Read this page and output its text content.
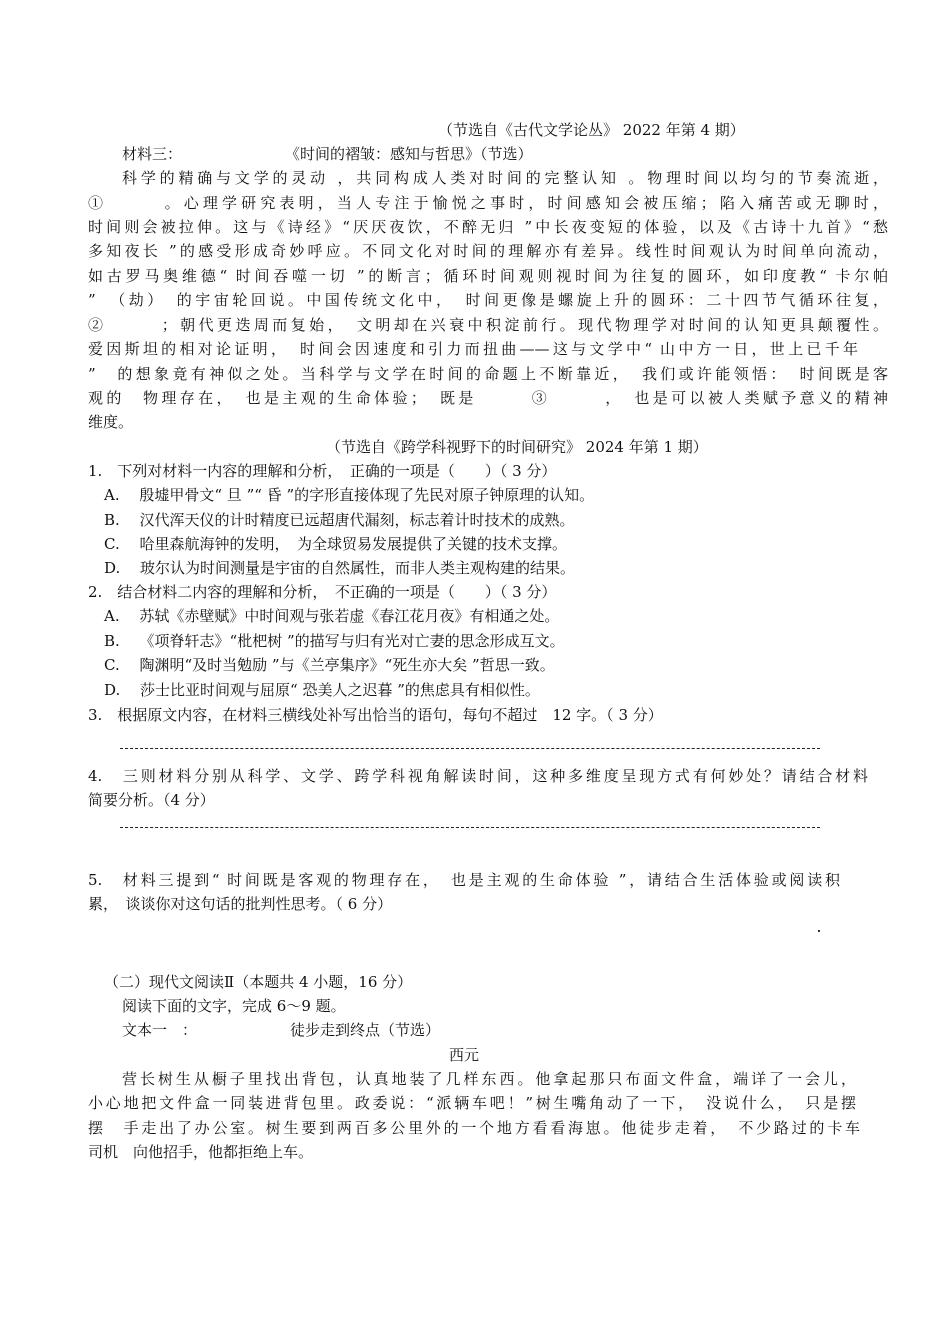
（节选自《古代文学论丛》 2022 年第 4 期）
材料三：	《时间的褶皱：感知与哲思》（节选）
科学的精确与文学的灵动 ，共同构成人类对时间的完整认知 。物理时间以均匀的节奏流逝，
①　　　。心理学研究表明，当人专注于愉悦之事时，时间感知会被压缩；陷入痛苦或无聊时，
时间则会被拉伸。这与《诗经》“厌厌夜饮，不醉无归 ”中长夜变短的体验，以及《古诗十九首》“愁
多知夜长 ”的感受形成奇妙呼应。不同文化对时间的理解亦有差异。线性时间观认为时间单向流动，
如古罗马奥维德“ 时间吞噬一切 ”的断言；循环时间观则视时间为往复的圆环，如印度教“ 卡尔帕
”　（劫）　的宇宙轮回说。中国传统文化中，　时间更像是螺旋上升的圆环：二十四节气循环往复，
②　　　；朝代更迭周而复始，　文明却在兴衰中积淀前行。现代物理学对时间的认知更具颠覆性。
爱因斯坦的相对论证明，　时间会因速度和引力而扭曲——这与文学中“ 山中方一日，世上已千年
”　的想象竟有神似之处。当科学与文学在时间的命题上不断靠近，　我们或许能领悟：　时间既是客
观的　物理存在，　也是主观的生命体验；　既是　　　③　　　，　也是可以被人类赋予意义的精神
维度。
（节选自《跨学科视野下的时间研究》 2024 年第 1 期）
1.　下列对材料一内容的理解和分析，　正确的一项是（　　）（ 3 分）
A.　 殷墟甲骨文“ 旦 ”“ 昏 ”的字形直接体现了先民对原子钟原理的认知。
B.　 汉代浑天仪的计时精度已远超唐代漏刻，标志着计时技术的成熟。
C.　 哈里森航海钟的发明，　为全球贸易发展提供了关键的技术支撑。
D.　 玻尔认为时间测量是宇宙的自然属性，而非人类主观构建的结果。
2.　结合材料二内容的理解和分析，　不正确的一项是（　　）（ 3 分）
A.　 苏轼《赤壁赋》中时间观与张若虚《春江花月夜》有相通之处。
B.　 《项脊轩志》“枇杷树 ”的描写与归有光对亡妻的思念形成互文。
C.　 陶渊明“及时当勉励 ”与《兰亭集序》“死生亦大矣 ”哲思一致。
D.　 莎士比亚时间观与屈原“ 恐美人之迟暮 ”的焦虑具有相似性。
3.　根据原文内容，在材料三横线处补写出恰当的语句，每句不超过　12 字。（ 3 分）
4.　三则材料分别从科学、文学、跨学科视角解读时间，这种多维度呈现方式有何妙处？请结合材料
简要分析。（4 分）
5.　材料三提到“ 时间既是客观的物理存在，　也是主观的生命体验 ”，请结合生活体验或阅读积
累，　谈谈你对这句话的批判性思考。（ 6 分）
（二）现代文阅读Ⅱ（本题共 4 小题，16 分）
阅读下面的文字，完成 6～9 题。
文本一　：	徒步走到终点（节选）
西元
营长树生从橱子里找出背包，认真地装了几样东西。他拿起那只布面文件盒，端详了一会儿，
小心地把文件盒一同装进背包里。政委说：“派辆车吧！”树生嘴角动了一下，　没说什么，　只是摆
摆　手走出了办公室。树生要到两百多公里外的一个地方看看海崽。他徒步走着，　不少路过的卡车
司机　向他招手，他都拒绝上车。
